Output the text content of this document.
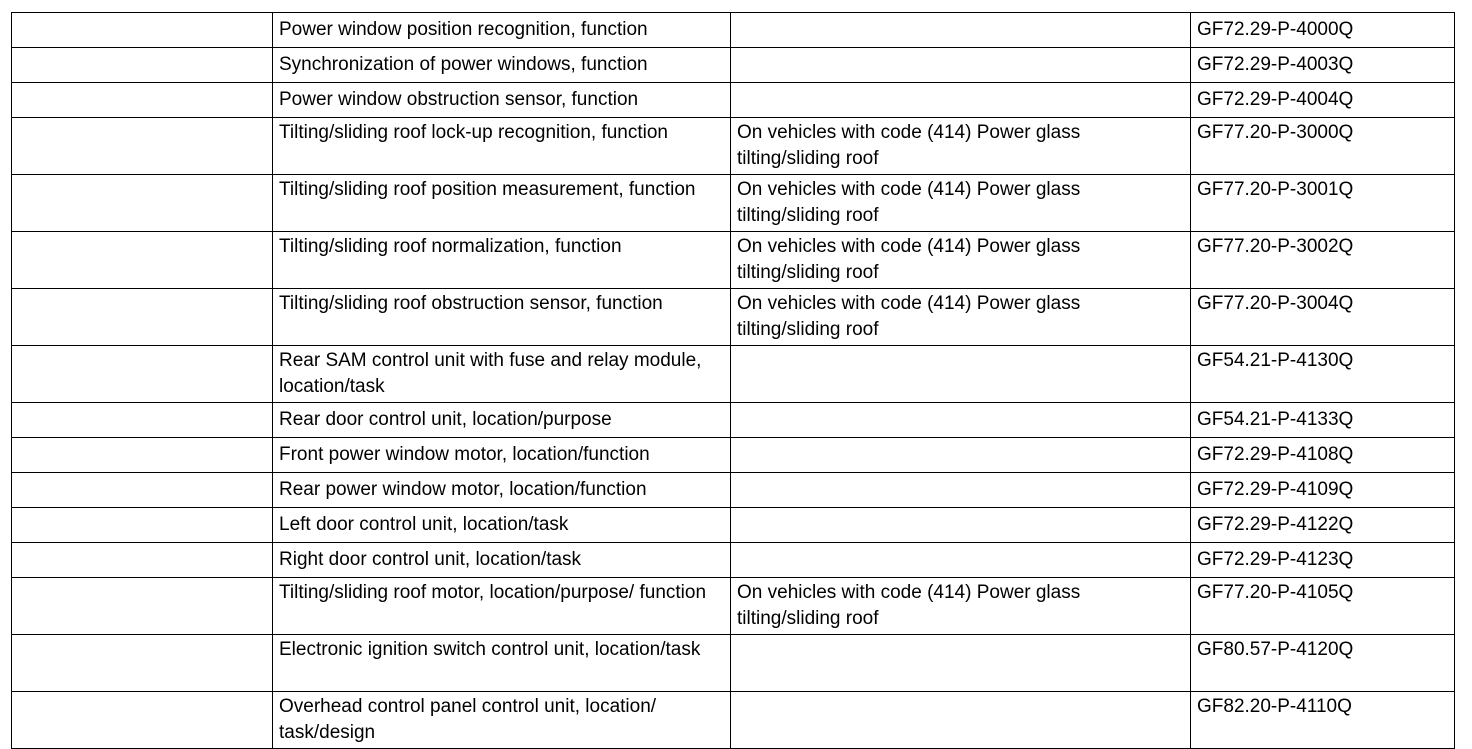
	Power window position recognition, function		GF72.29-P-4000Q
	Synchronization of power windows, function		GF72.29-P-4003Q
	Power window obstruction sensor, function		GF72.29-P-4004Q
	Tilting/sliding roof lock-up recognition, function	On vehicles with code (414) Power glass tilting/sliding roof	GF77.20-P-3000Q
	Tilting/sliding roof position measurement, function	On vehicles with code (414) Power glass tilting/sliding roof	GF77.20-P-3001Q
	Tilting/sliding roof normalization, function	On vehicles with code (414) Power glass tilting/sliding roof	GF77.20-P-3002Q
	Tilting/sliding roof obstruction sensor, function	On vehicles with code (414) Power glass tilting/sliding roof	GF77.20-P-3004Q
	Rear SAM control unit with fuse and relay module, location/task		GF54.21-P-4130Q
	Rear door control unit, location/purpose		GF54.21-P-4133Q
	Front power window motor, location/function		GF72.29-P-4108Q
	Rear power window motor, location/function		GF72.29-P-4109Q
	Left door control unit, location/task		GF72.29-P-4122Q
	Right door control unit, location/task		GF72.29-P-4123Q
	Tilting/sliding roof motor, location/purpose/ function	On vehicles with code (414) Power glass tilting/sliding roof	GF77.20-P-4105Q
	Electronic ignition switch control unit, location/task		GF80.57-P-4120Q
	Overhead control panel control unit, location/ task/design		GF82.20-P-4110Q
